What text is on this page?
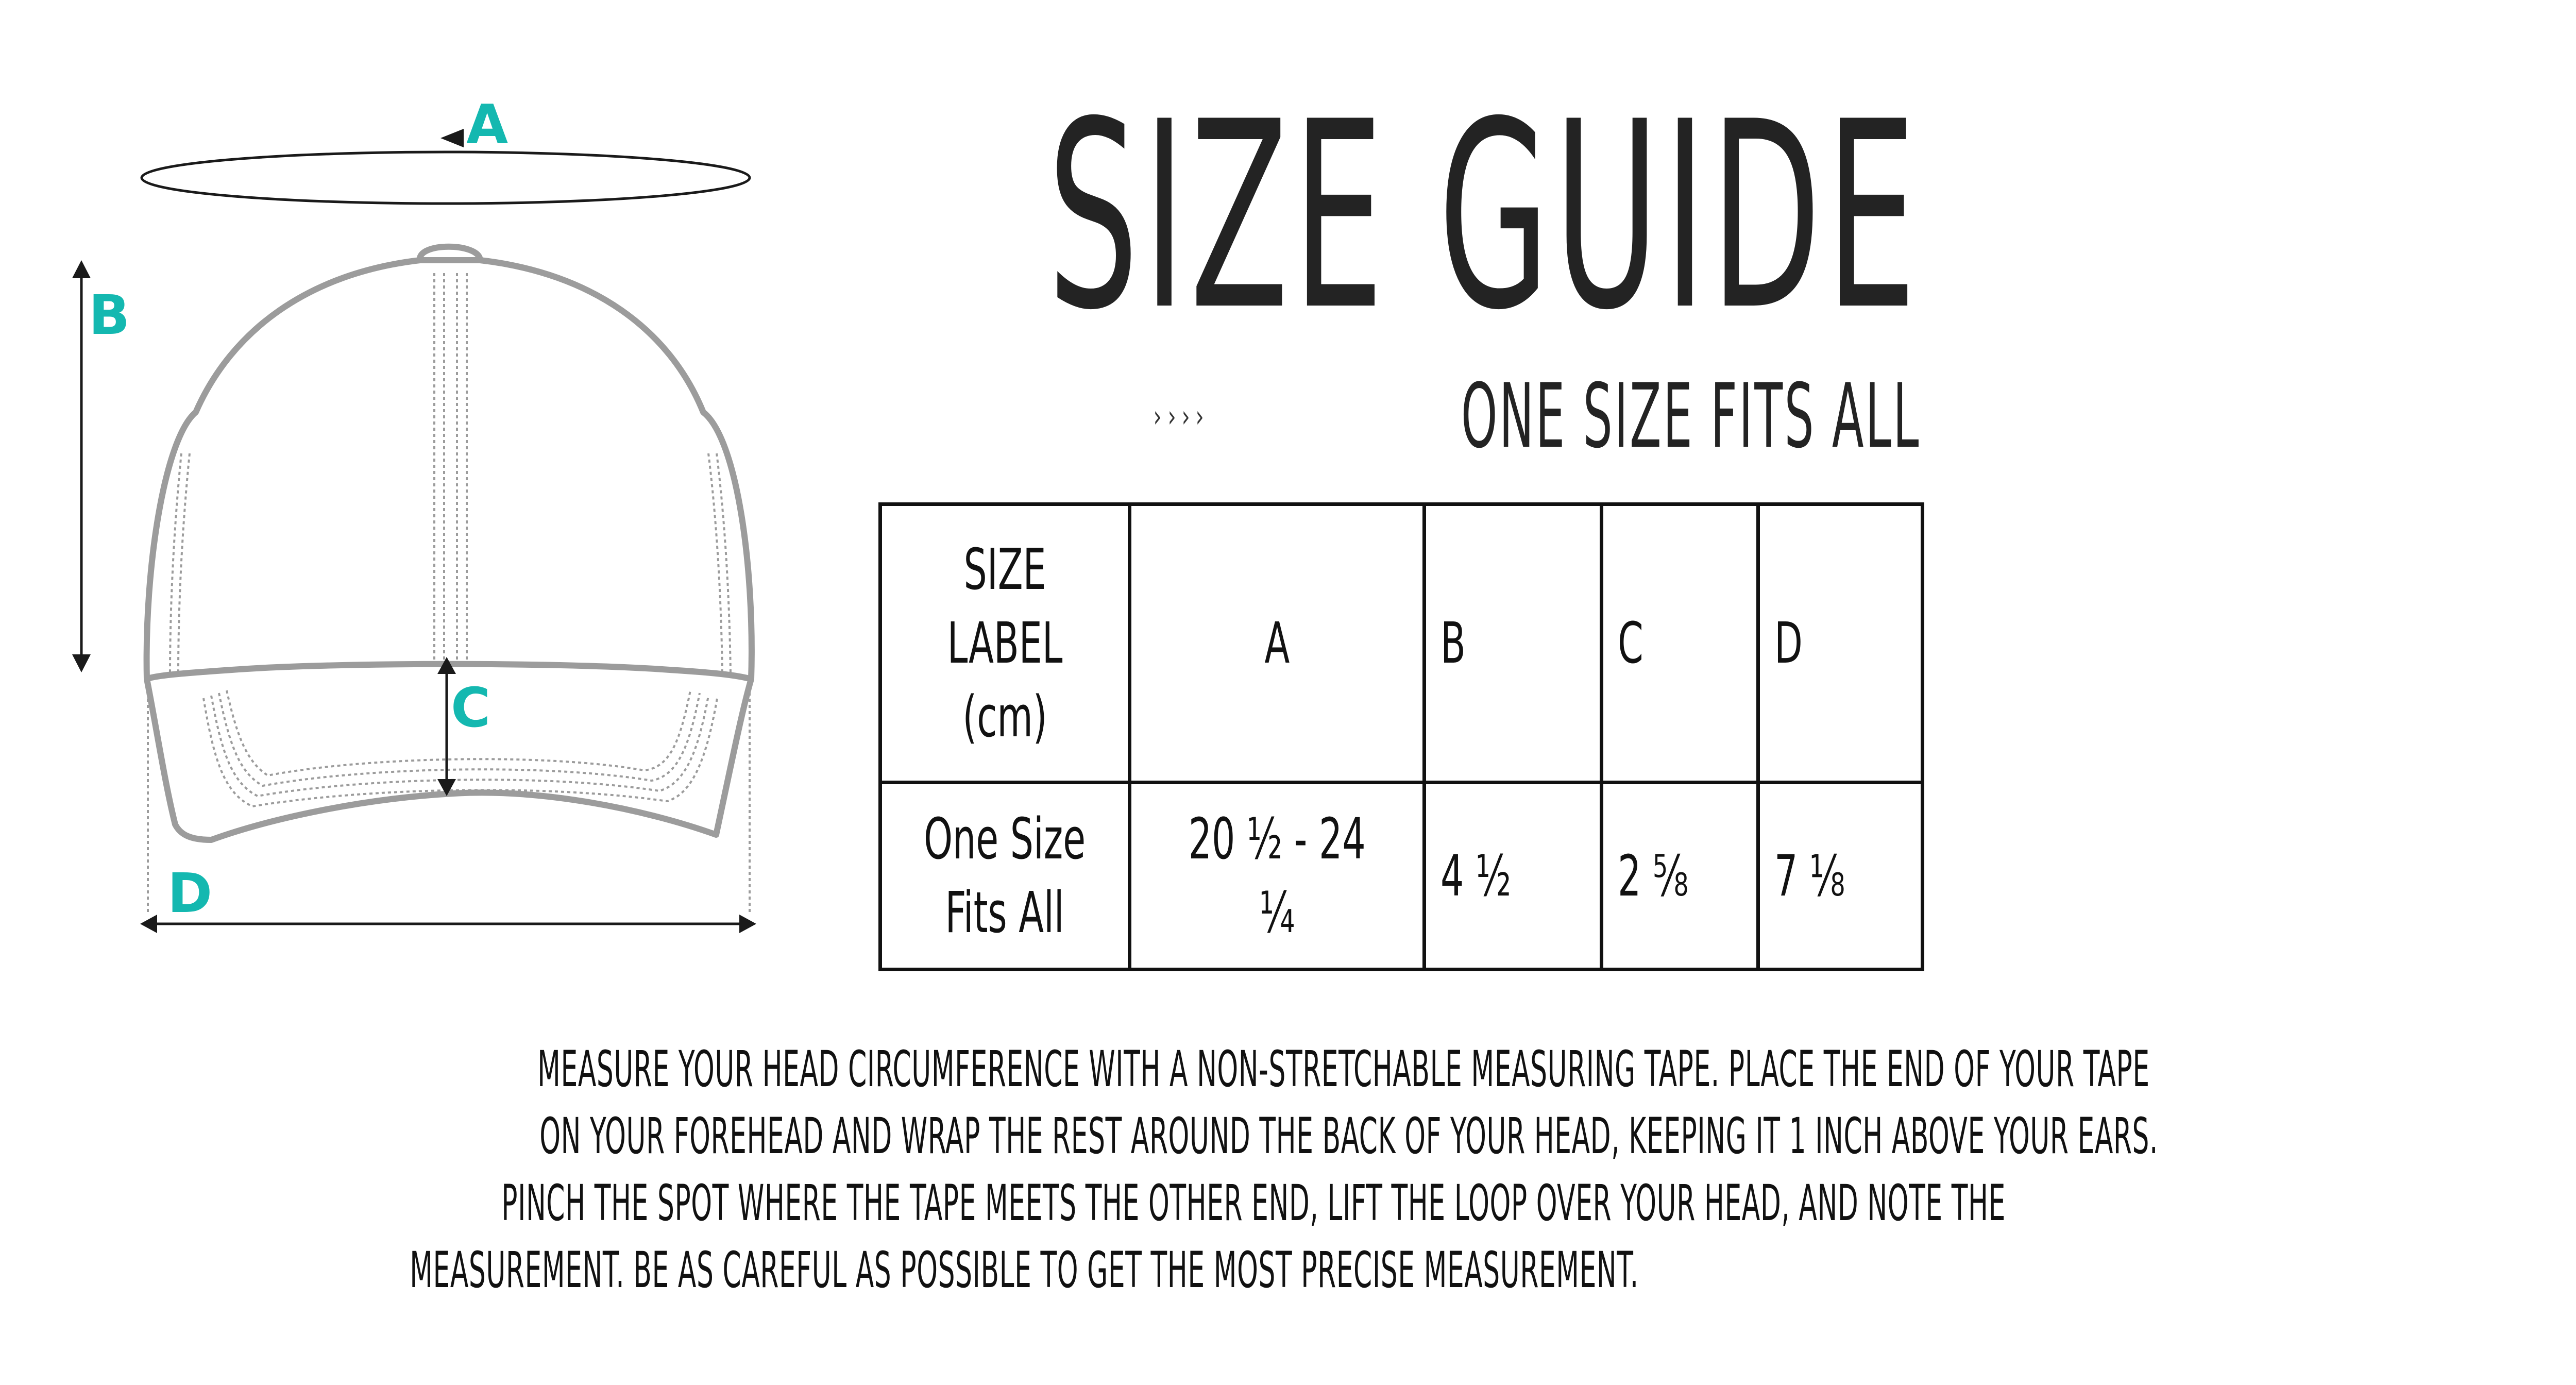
A
B
C
D
SIZE GUIDE
› › › ›	ONE SIZE FITS ALL
SIZE LABEL
(cm)	A	B	C	D
One Size
Fits All	20 ½ - 24 ¼	4 ½	2 ⅝	7 ⅛
MEASURE YOUR HEAD CIRCUMFERENCE WITH A NON-STRETCHABLE MEASURING TAPE. PLACE THE END OF YOUR TAPE
ON YOUR FOREHEAD AND WRAP THE REST AROUND THE BACK OF YOUR HEAD, KEEPING IT 1 INCH ABOVE YOUR EARS.
PINCH THE SPOT WHERE THE TAPE MEETS THE OTHER END, LIFT THE LOOP OVER YOUR HEAD, AND NOTE THE
MEASUREMENT. BE AS CAREFUL AS POSSIBLE TO GET THE MOST PRECISE MEASUREMENT.
